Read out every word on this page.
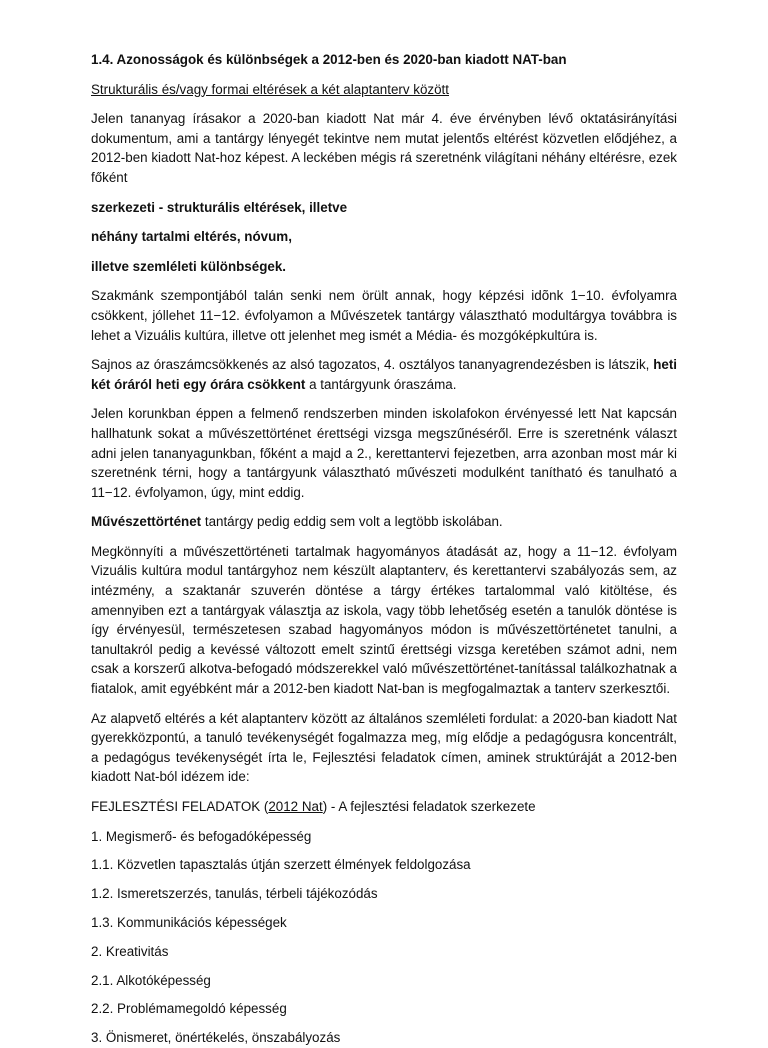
1.4. Azonosságok és különbségek a 2012-ben és 2020-ban kiadott NAT-ban

Strukturális és/vagy formai eltérések a két alaptanterv között

Jelen tananyag írásakor a 2020-ban kiadott Nat már 4. éve érvényben lévő oktatásirányítási dokumentum, ami a tantárgy lényegét tekintve nem mutat jelentős eltérést közvetlen elődjéhez, a 2012-ben kiadott Nat-hoz képest. A leckében mégis rá szeretnénk világítani néhány eltérésre, ezek főként

szerkezeti - strukturális eltérések, illetve

néhány tartalmi eltérés, nóvum,

illetve szemléleti különbségek.

Szakmánk szempontjából talán senki nem örült annak, hogy képzési idõnk 1−10. évfolyamra csökkent, jóllehet 11−12. évfolyamon a Művészetek tantárgy választható modultárgya továbbra is lehet a Vizuális kultúra, illetve ott jelenhet meg ismét a Média- és mozgóképkultúra is.

Sajnos az óraszámcsökkenés az alsó tagozatos, 4. osztályos tananyagrendezésben is látszik, heti két óráról heti egy órára csökkent a tantárgyunk óraszáma.

Jelen korunkban éppen a felmenő rendszerben minden iskolafokon érvényessé lett Nat kapcsán hallhatunk sokat a művészettörténet érettségi vizsga megszűnéséről. Erre is szeretnénk választ adni jelen tananyagunkban, főként a majd a 2., kerettantervi fejezetben, arra azonban most már ki szeretnénk térni, hogy a tantárgyunk választható művészeti modulként tanítható és tanulható a 11−12. évfolyamon, úgy, mint eddig.

Művészettörténet tantárgy pedig eddig sem volt a legtöbb iskolában.

Megkönnyíti a művészettörténeti tartalmak hagyományos átadását az, hogy a 11−12. évfolyam Vizuális kultúra modul tantárgyhoz nem készült alaptanterv, és kerettantervi szabályozás sem, az intézmény, a szaktanár szuverén döntése a tárgy értékes tartalommal való kitöltése, és amennyiben ezt a tantárgyak választja az iskola, vagy több lehetőség esetén a tanulók döntése is így érvényesül, természetesen szabad hagyományos módon is művészettörténetet tanulni, a tanultakról pedig a kevéssé változott emelt szintű érettségi vizsga keretében számot adni, nem csak a korszerű alkotva-befogadó módszerekkel való művészettörténet-tanítással találkozhatnak a fiatalok, amit egyébként már a 2012-ben kiadott Nat-ban is megfogalmaztak a tanterv szerkesztői.

Az alapvető eltérés a két alaptanterv között az általános szemléleti fordulat: a 2020-ban kiadott Nat gyerekközpontú, a tanuló tevékenységét fogalmazza meg, míg elődje a pedagógusra koncentrált, a pedagógus tevékenységét írta le, Fejlesztési feladatok címen, aminek struktúráját a 2012-ben kiadott Nat-ból idézem ide:

FEJLESZTÉSI FELADATOK (2012 Nat) - A fejlesztési feladatok szerkezete

1. Megismerő- és befogadóképesség

1.1. Közvetlen tapasztalás útján szerzett élmények feldolgozása

1.2. Ismeretszerzés, tanulás, térbeli tájékozódás

1.3. Kommunikációs képességek

2. Kreativitás

2.1. Alkotóképesség

2.2. Problémamegoldó képesség

3. Önismeret, önértékelés, önszabályozás
